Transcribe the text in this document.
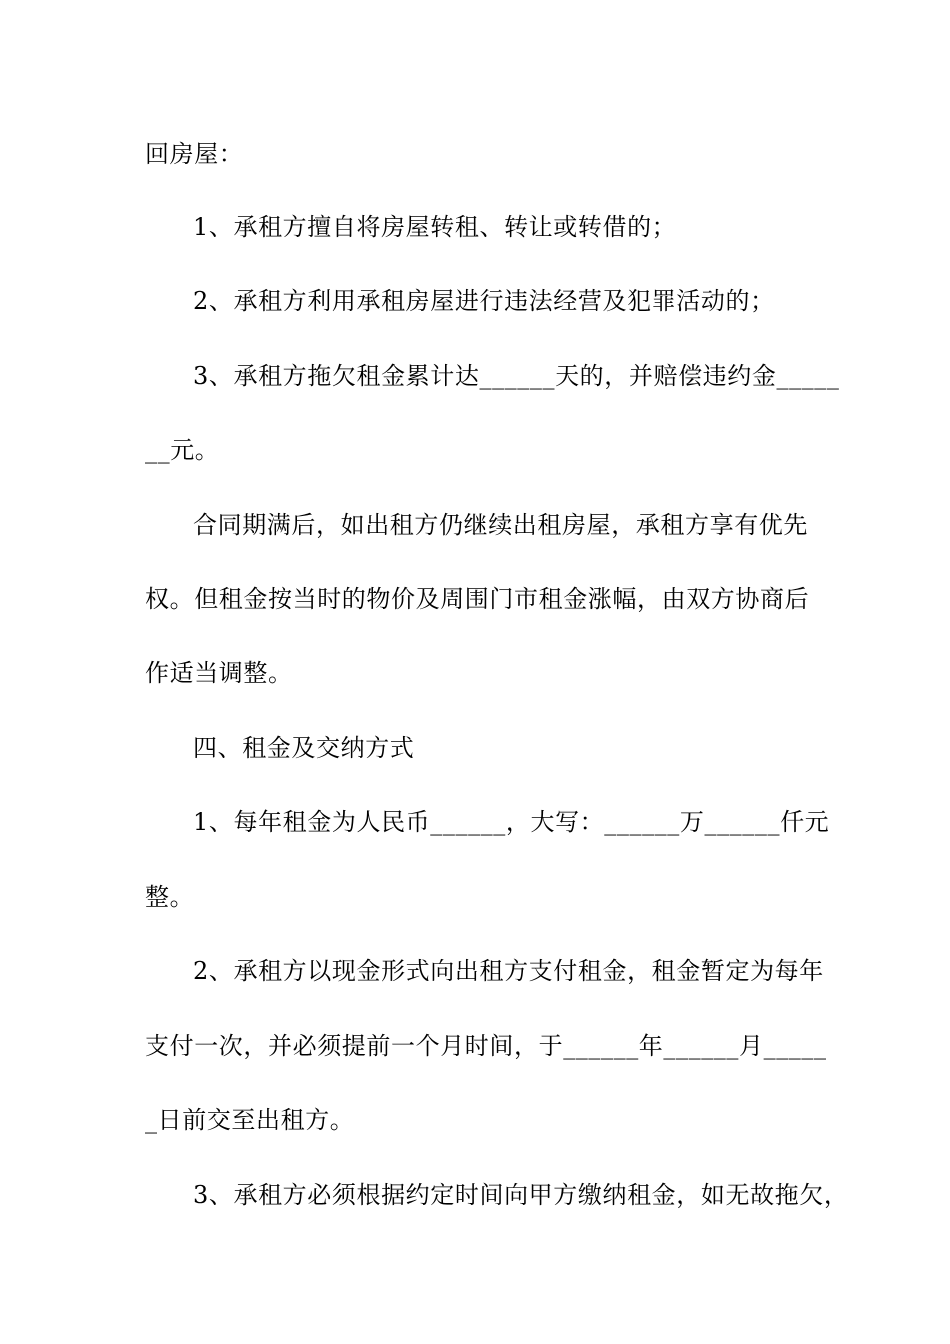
回房屋：
1、承租方擅自将房屋转租、转让或转借的；
2、承租方利用承租房屋进行违法经营及犯罪活动的；
3、承租方拖欠租金累计达______天的，并赔偿违约金_____
__元。
合同期满后，如出租方仍继续出租房屋，承租方享有优先
权。但租金按当时的物价及周围门市租金涨幅，由双方协商后
作适当调整。
四、租金及交纳方式
1、每年租金为人民币______，大写：______万______仟元
整。
2、承租方以现金形式向出租方支付租金，租金暂定为每年
支付一次，并必须提前一个月时间，于______年______月_____
_日前交至出租方。
3、承租方必须根据约定时间向甲方缴纳租金，如无故拖欠，
